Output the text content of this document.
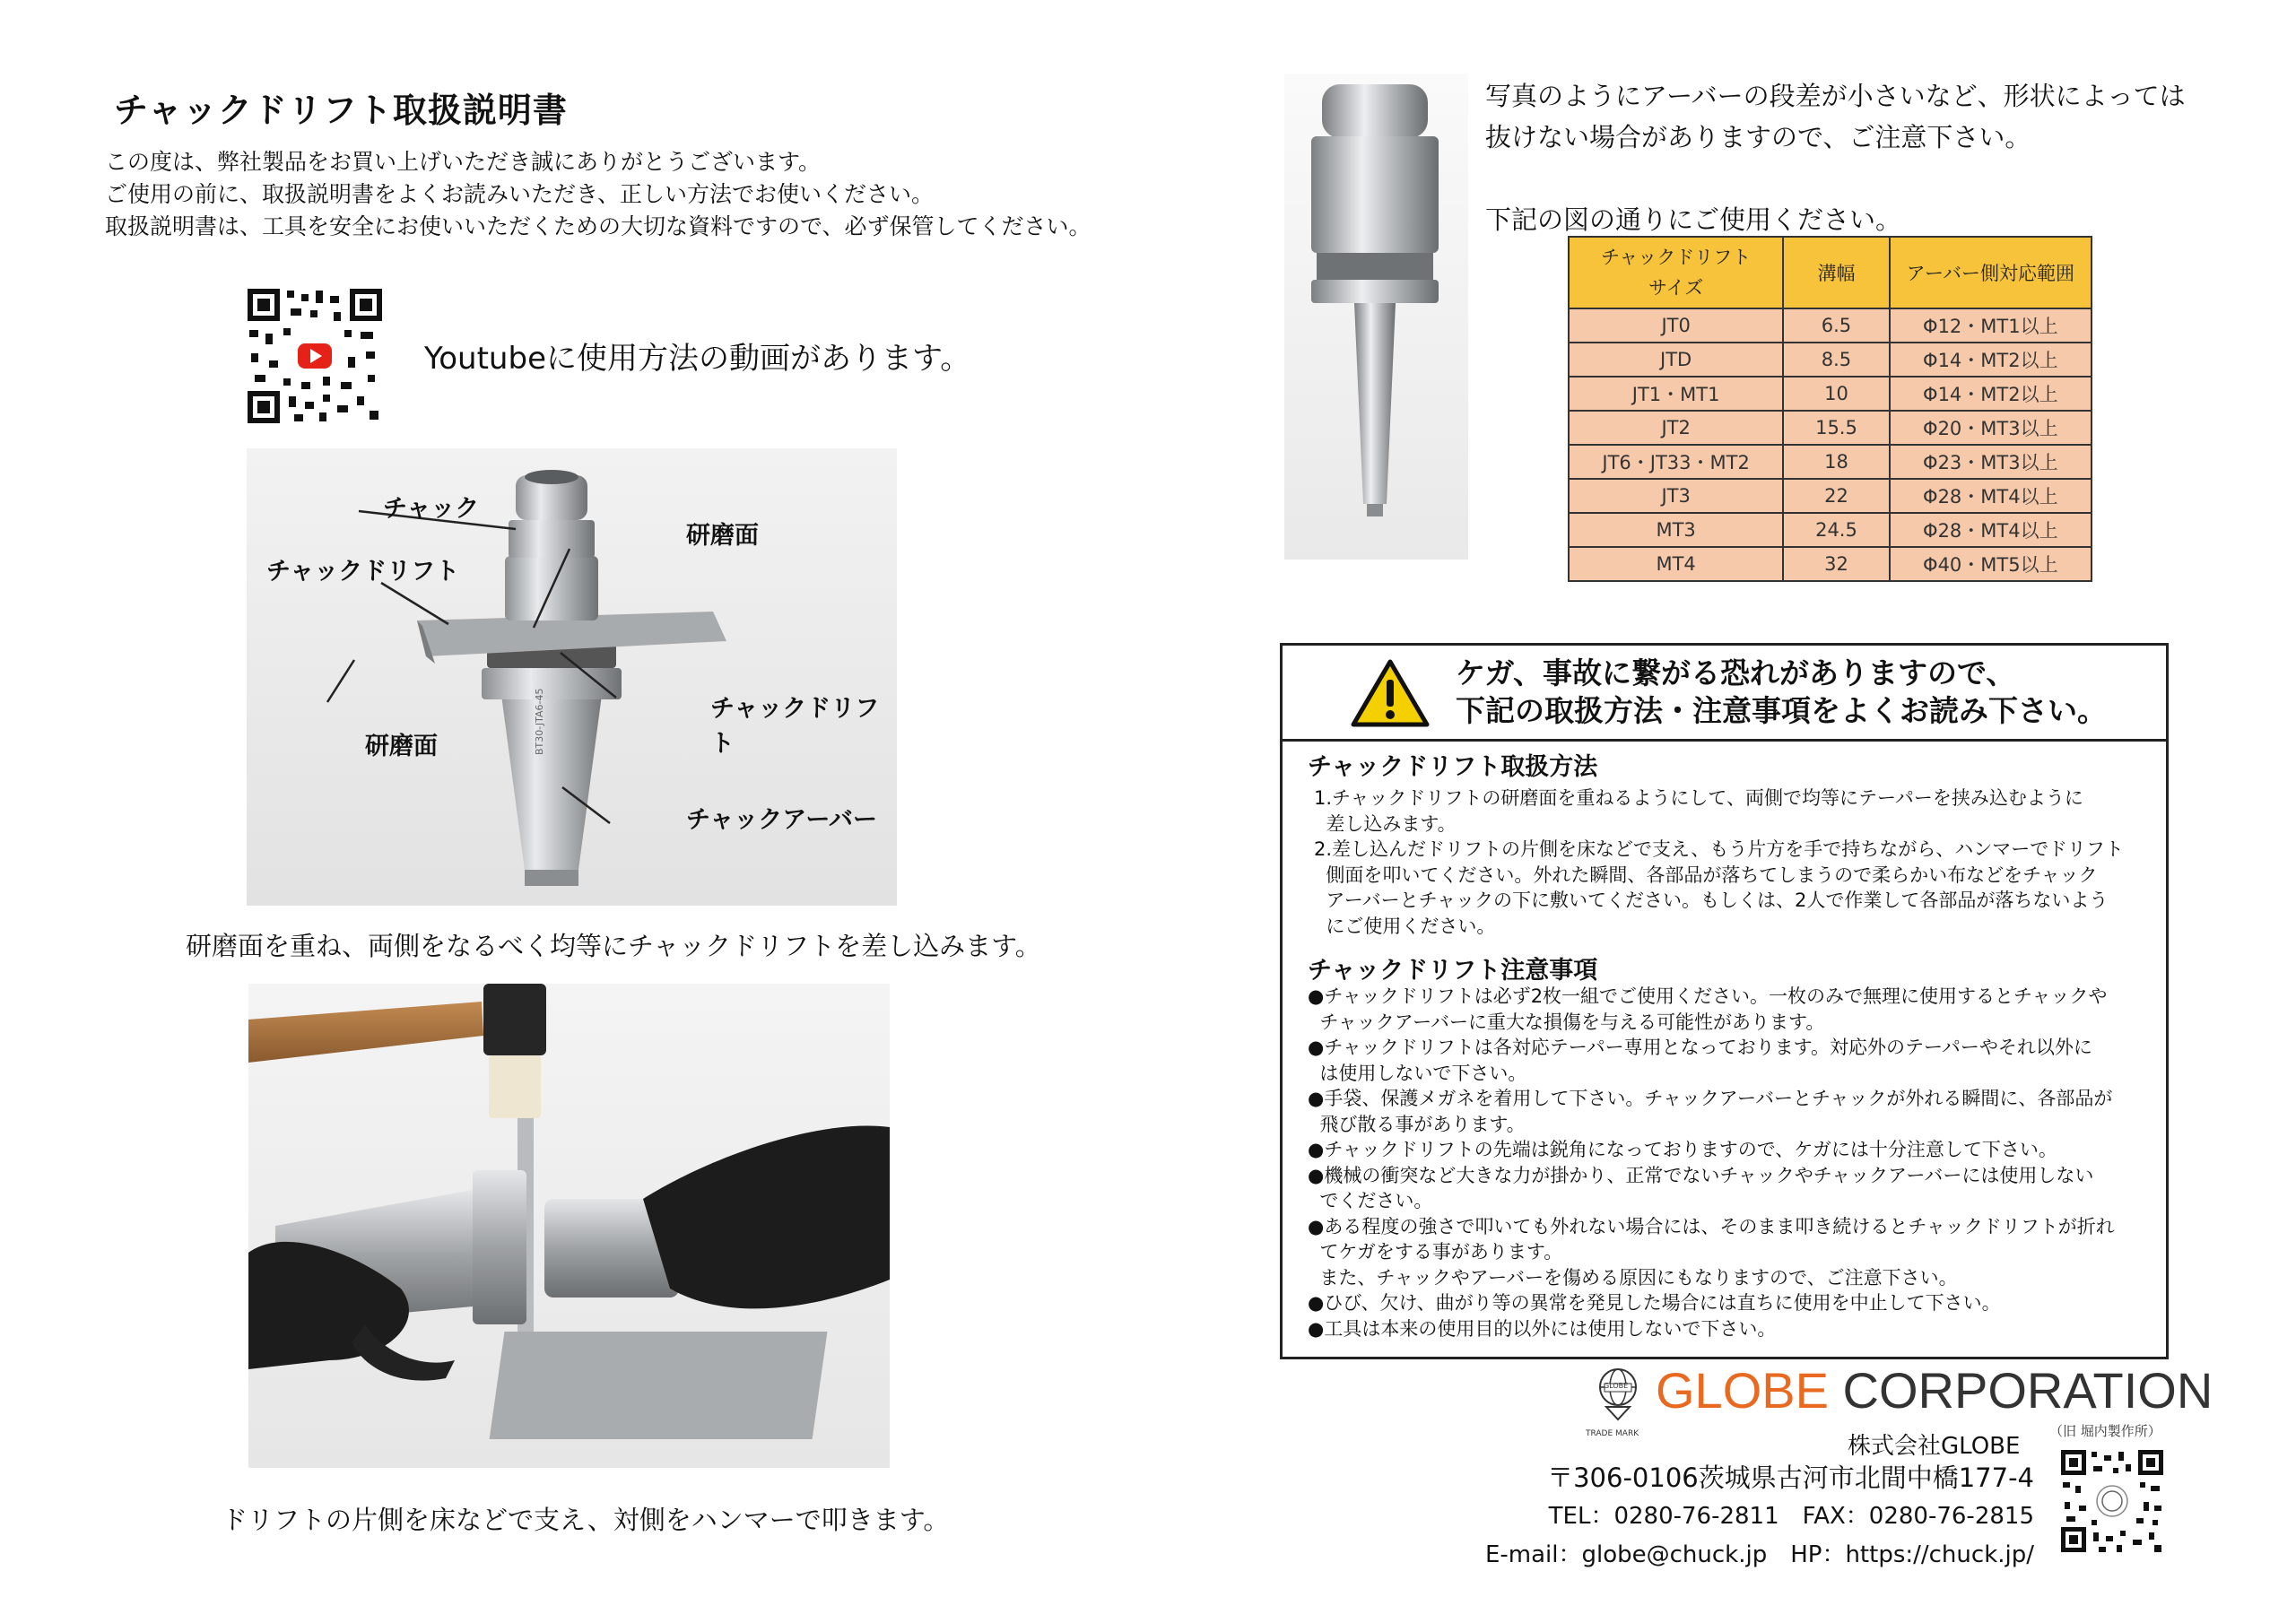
チャックドリフト取扱説明書
この度は、弊社製品をお買い上げいただき誠にありがとうございます。
ご使用の前に、取扱説明書をよくお読みいただき、正しい方法でお使いください。
取扱説明書は、工具を安全にお使いいただくための大切な資料ですので、必ず保管してください。
Youtubeに使用方法の動画があります。
BT30-JTA6-45
チャック
チャックドリフト
研磨面
チャックドリフト
研磨面
チャックアーバー
研磨面を重ね、両側をなるべく均等にチャックドリフトを差し込みます。
ドリフトの片側を床などで支え、対側をハンマーで叩きます。
写真のようにアーバーの段差が小さいなど、形状によっては
抜けない場合がありますので、ご注意下さい。
下記の図の通りにご使用ください。
チャックドリフト
サイズ	溝幅	アーバー側対応範囲
JT0	6.5	Φ12・MT1以上
JTD	8.5	Φ14・MT2以上
JT1・MT1	10	Φ14・MT2以上
JT2	15.5	Φ20・MT3以上
JT6・JT33・MT2	18	Φ23・MT3以上
JT3	22	Φ28・MT4以上
MT3	24.5	Φ28・MT4以上
MT4	32	Φ40・MT5以上
ケガ、事故に繋がる恐れがありますので、
下記の取扱方法・注意事項をよくお読み下さい。
チャックドリフト取扱方法
1.チャックドリフトの研磨面を重ねるようにして、両側で均等にテーパーを挟み込むように
差し込みます。
2.差し込んだドリフトの片側を床などで支え、もう片方を手で持ちながら、ハンマーでドリフト
側面を叩いてください。外れた瞬間、各部品が落ちてしまうので柔らかい布などをチャック
アーバーとチャックの下に敷いてください。もしくは、2人で作業して各部品が落ちないよう
にご使用ください。
チャックドリフト注意事項
●チャックドリフトは必ず2枚一組でご使用ください。一枚のみで無理に使用するとチャックや
チャックアーバーに重大な損傷を与える可能性があります。
●チャックドリフトは各対応テーパー専用となっております。対応外のテーパーやそれ以外に
は使用しないで下さい。
●手袋、保護メガネを着用して下さい。チャックアーバーとチャックが外れる瞬間に、各部品が
飛び散る事があります。
●チャックドリフトの先端は鋭角になっておりますので、ケガには十分注意して下さい。
●機械の衝突など大きな力が掛かり、正常でないチャックやチャックアーバーには使用しない
でください。
●ある程度の強さで叩いても外れない場合には、そのまま叩き続けるとチャックドリフトが折れ
てケガをする事があります。
また、チャックやアーバーを傷める原因にもなりますので、ご注意下さい。
●ひび、欠け、曲がり等の異常を発見した場合には直ちに使用を中止して下さい。
●工具は本来の使用目的以外には使用しないで下さい。
TRADE MARK
GLOBE GLOBE CORPORATION
株式会社GLOBE
（旧 堀内製作所）
〒306-0106茨城県古河市北間中橋177-4
TEL：0280-76-2811　FAX：0280-76-2815
E-mail：globe@chuck.jp　HP：https://chuck.jp/
